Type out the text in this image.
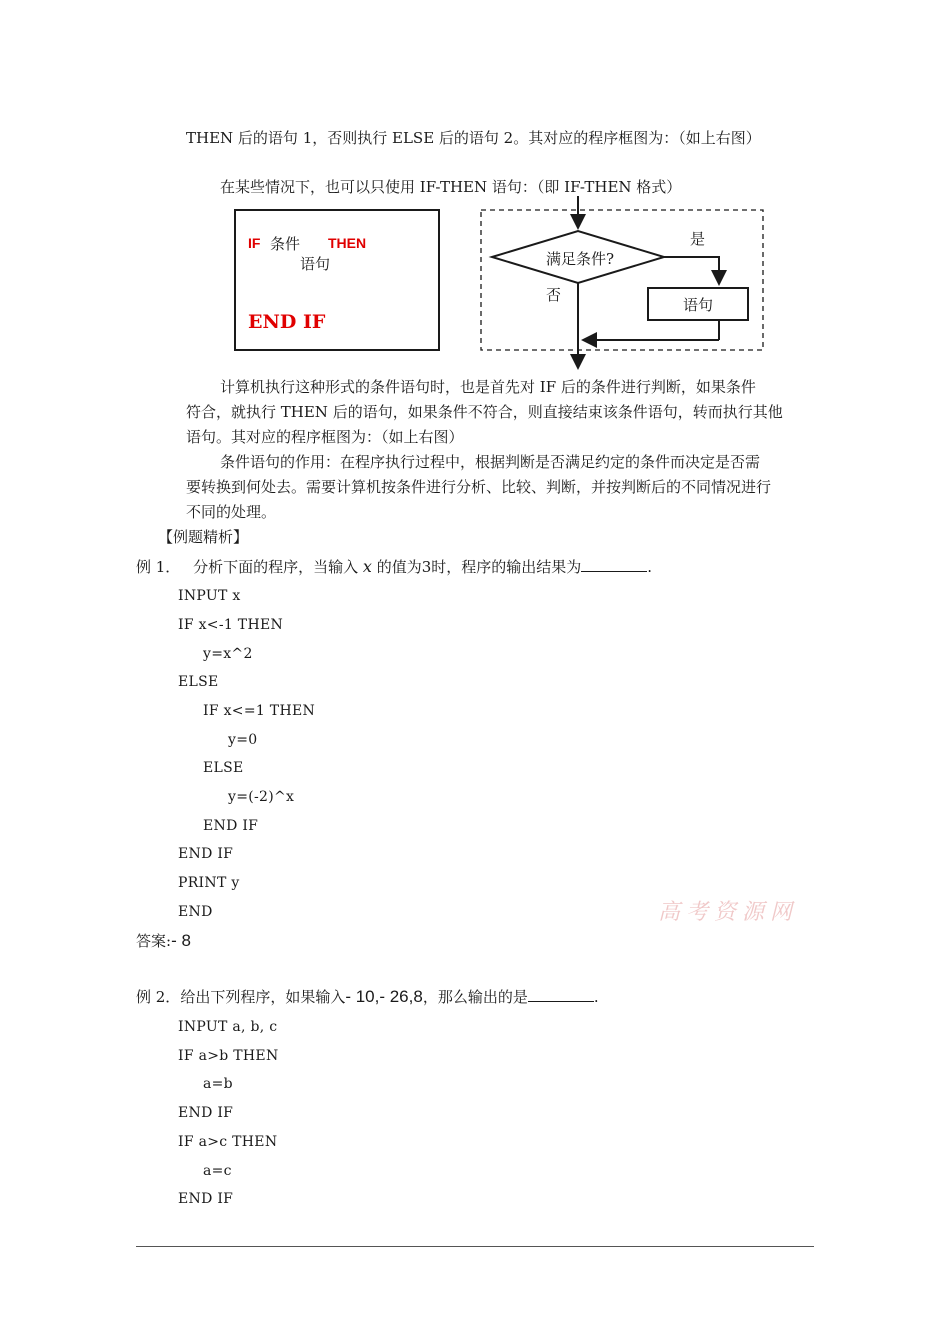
THEN 后的语句 1，否则执行 ELSE 后的语句 2。其对应的程序框图为：（如上右图）
在某些情况下，也可以只使用 IF-THEN 语句：（即 IF-THEN 格式）
IF 条件 THEN
语句
END IF
满足条件?
是
否
语句
计算机执行这种形式的条件语句时，也是首先对 IF 后的条件进行判断，如果条件
符合，就执行 THEN 后的语句，如果条件不符合，则直接结束该条件语句，转而执行其他
语句。其对应的程序框图为：（如上右图）
条件语句的作用：在程序执行过程中，根据判断是否满足约定的条件而决定是否需
要转换到何处去。需要计算机按条件进行分析、比较、判断，并按判断后的不同情况进行
不同的处理。
【例题精析】
例 1． 分析下面的程序，当输入 x 的值为3时，程序的输出结果为	.
INPUT x
IF x<-1 THEN
y=x^2
ELSE
IF x<=1 THEN
y=0
ELSE
y=(-2)^x
END IF
END IF
PRINT y
END	高考资源网
答案:- 8
例 2．给出下列程序，如果输入- 10,- 26,8，那么输出的是	.
INPUT a, b, c
IF a>b THEN
a=b
END IF
IF a>c THEN
a=c
END IF
